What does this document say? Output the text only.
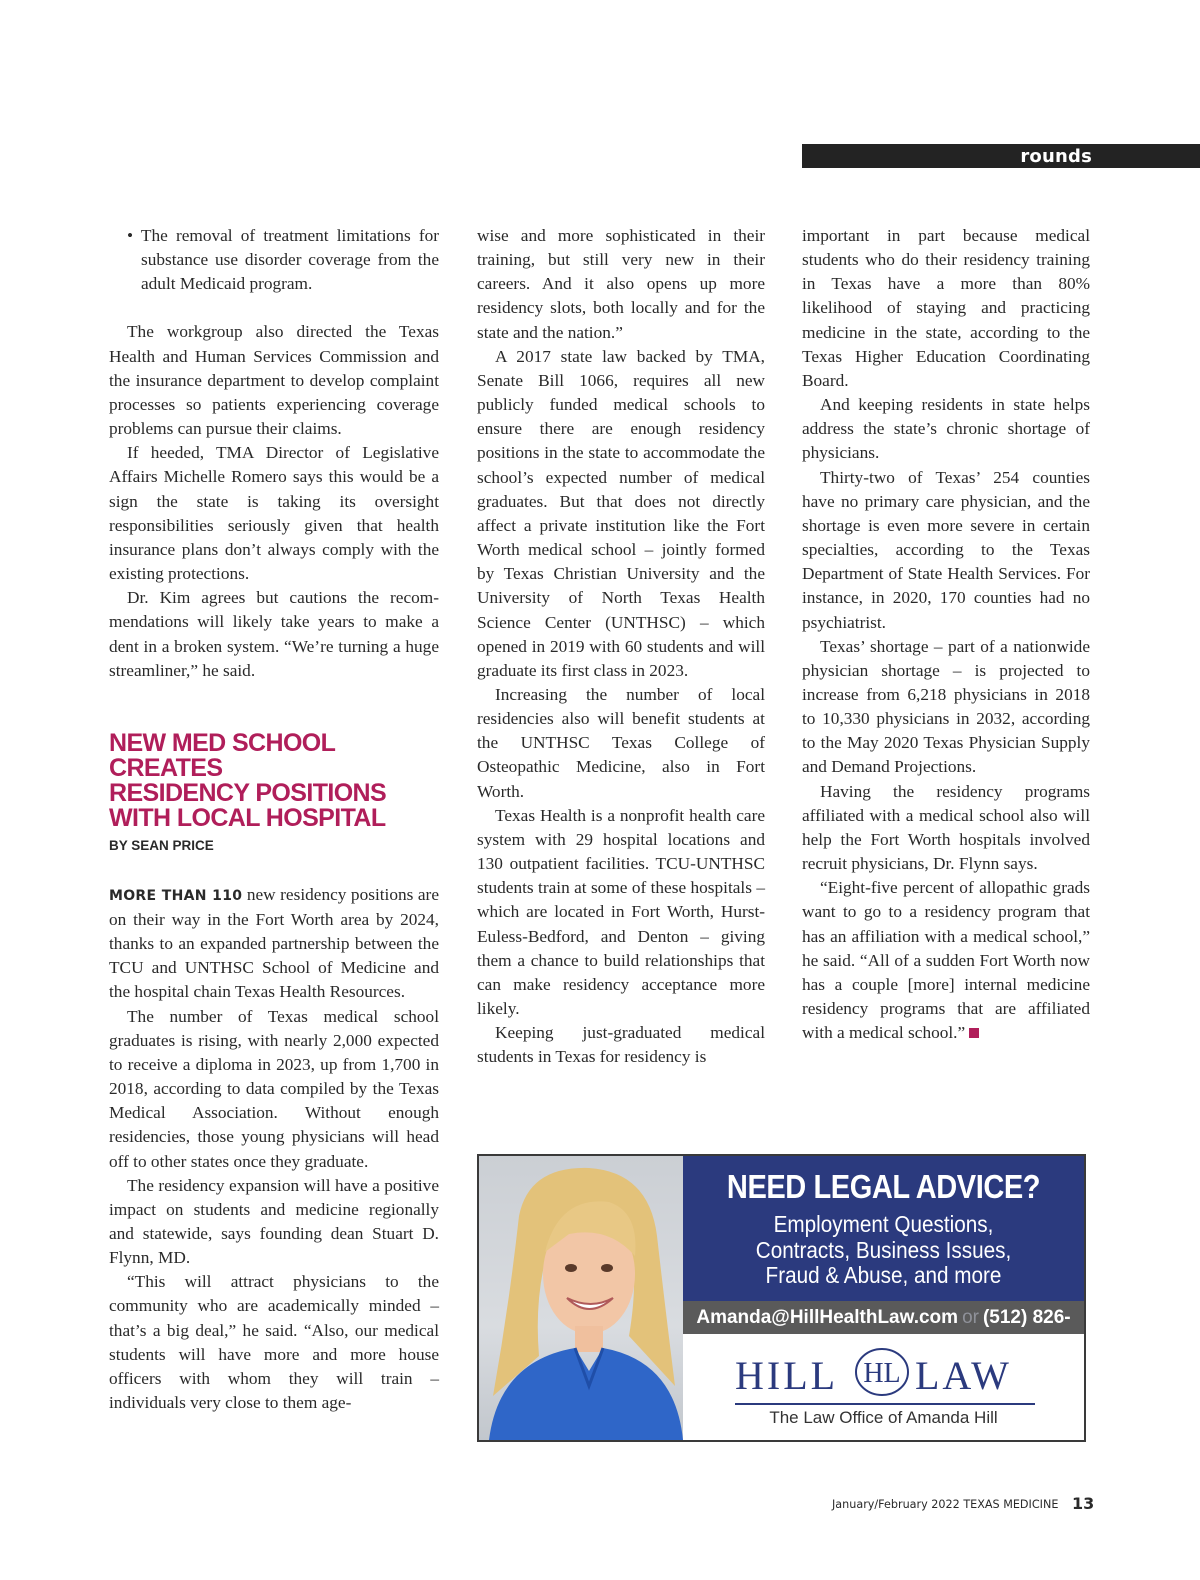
rounds

• The removal of treatment limitations for substance use disorder coverage from the adult Medicaid program.

The workgroup also directed the Texas Health and Human Services Commission and the insurance department to develop complaint processes so patients experiencing coverage problems can pursue their claims.

If heeded, TMA Director of Legislative Affairs Michelle Romero says this would be a sign the state is taking its oversight responsibilities seriously given that health insurance plans don’t always comply with the existing protections.

Dr. Kim agrees but cautions the recommendations will likely take years to make a dent in a broken system. “We’re turning a huge streamliner,” he said.

NEW MED SCHOOL CREATES
RESIDENCY POSITIONS
WITH LOCAL HOSPITAL
BY SEAN PRICE

MORE THAN 110 new residency positions are on their way in the Fort Worth area by 2024, thanks to an expanded partnership between the TCU and UNTHSC School of Medicine and the hospital chain Texas Health Resources.

The number of Texas medical school graduates is rising, with nearly 2,000 expected to receive a diploma in 2023, up from 1,700 in 2018, according to data compiled by the Texas Medical Association. Without enough residencies, those young physicians will head off to other states once they graduate.

The residency expansion will have a positive impact on students and medicine regionally and statewide, says founding dean Stuart D. Flynn, MD.

“This will attract physicians to the community who are academically minded – that’s a big deal,” he said. “Also, our medical students will have more and more house officers with whom they will train – individuals very close to them age-

wise and more sophisticated in their training, but still very new in their careers. And it also opens up more residency slots, both locally and for the state and the nation.”

A 2017 state law backed by TMA, Senate Bill 1066, requires all new publicly funded medical schools to ensure there are enough residency positions in the state to accommodate the school’s expected number of medical graduates. But that does not directly affect a private institution like the Fort Worth medical school – jointly formed by Texas Christian University and the University of North Texas Health Science Center (UNTHSC) – which opened in 2019 with 60 students and will graduate its first class in 2023.

Increasing the number of local residencies also will benefit students at the UNTHSC Texas College of Osteopathic Medicine, also in Fort Worth.

Texas Health is a nonprofit health care system with 29 hospital locations and 130 outpatient facilities. TCU-UNTHSC students train at some of these hospitals – which are located in Fort Worth, Hurst-Euless-Bedford, and Denton – giving them a chance to build relationships that can make residency acceptance more likely.

Keeping just-graduated medical students in Texas for residency is

important in part because medical students who do their residency training in Texas have a more than 80% likelihood of staying and practicing medicine in the state, according to the Texas Higher Education Coordinating Board.

And keeping residents in state helps address the state’s chronic shortage of physicians.

Thirty-two of Texas’ 254 counties have no primary care physician, and the shortage is even more severe in certain specialties, according to the Texas Department of State Health Services. For instance, in 2020, 170 counties had no psychiatrist.

Texas’ shortage – part of a nationwide physician shortage – is projected to increase from 6,218 physicians in 2018 to 10,330 physicians in 2032, according to the May 2020 Texas Physician Supply and Demand Projections.

Having the residency programs affiliated with a medical school also will help the Fort Worth hospitals involved recruit physicians, Dr. Flynn says.

“Eight-five percent of allopathic grads want to go to a residency program that has an affiliation with a medical school,” he said. “All of a sudden Fort Worth now has a couple [more] internal medicine residency programs that are affiliated with a medical school.”

NEED LEGAL ADVICE?
Employment Questions,
Contracts, Business Issues,
Fraud & Abuse, and more
Amanda@HillHealthLaw.com or (512) 826-1007
HILL HL LAW
The Law Office of Amanda Hill
January/February 2022 TEXAS MEDICINE 13
